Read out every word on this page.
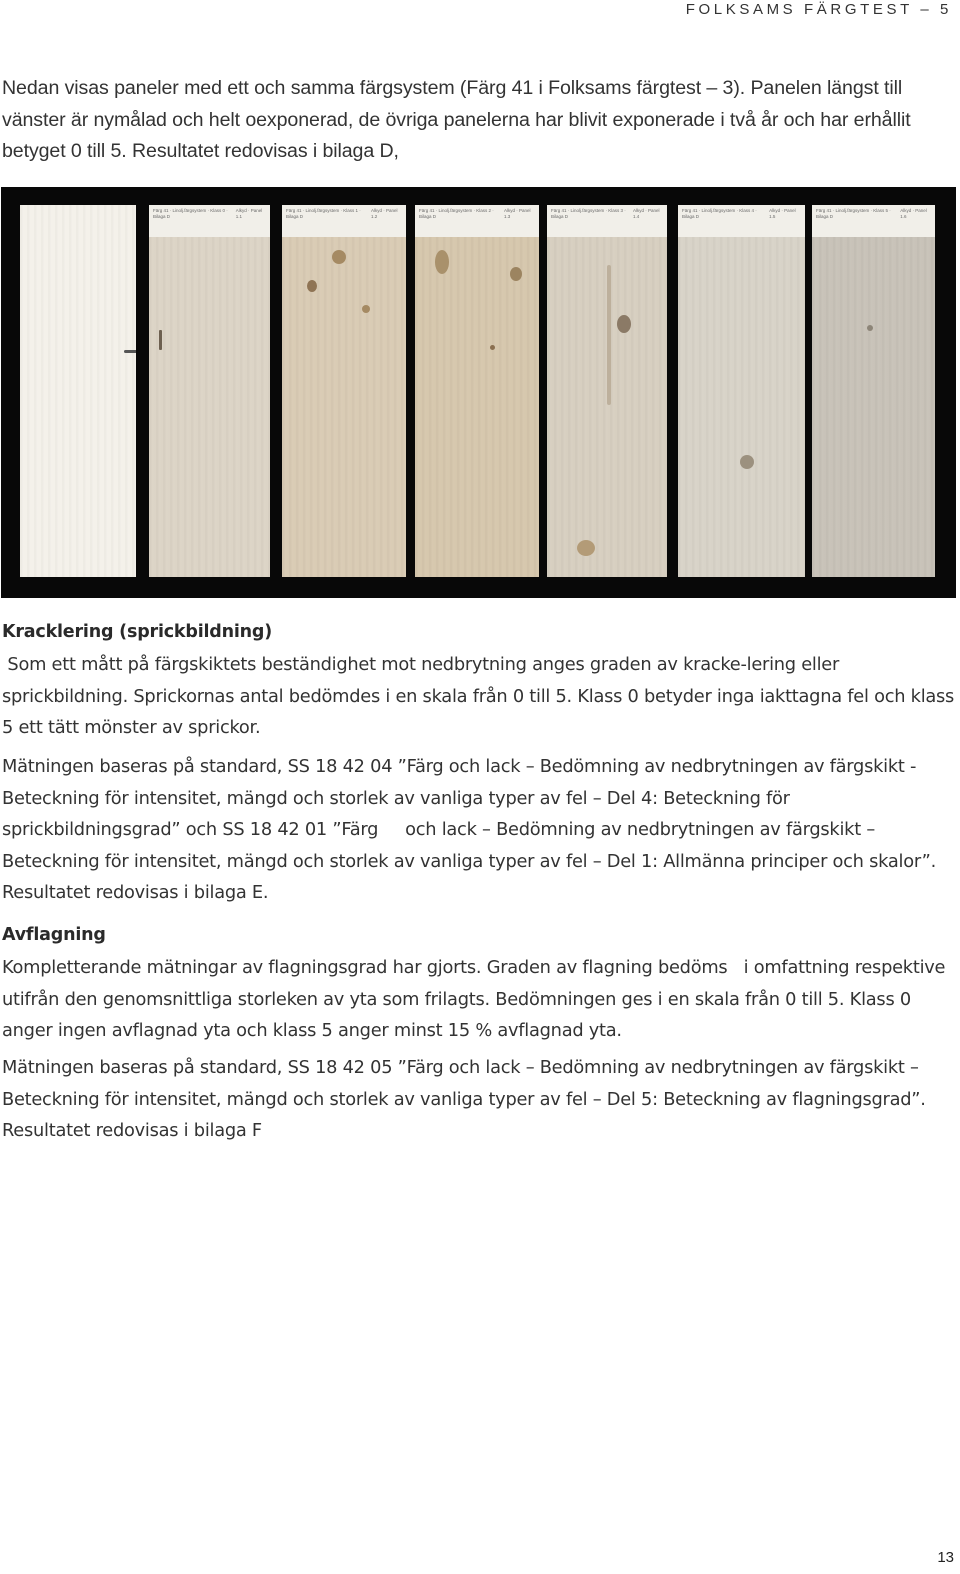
FOLKSAMS FÄRGTEST – 5

Nedan visas paneler med ett och samma färgsystem (Färg 41 i Folksams färgtest – 3). Panelen längst till vänster är nymålad och helt oexponerad, de övriga panelerna har blivit exponerade i två år och har erhållit betyget 0 till 5. Resultatet redovisas i bilaga D,

Färg 41 · Linolj.färgsystem · Klass 0 · Bilaga D
Alkyd · Panel 1.1
Färg 41 · Linolj.färgsystem · Klass 1 · Bilaga D
Alkyd · Panel 1.2
Färg 41 · Linolj.färgsystem · Klass 2 · Bilaga D
Alkyd · Panel 1.3
Färg 41 · Linolj.färgsystem · Klass 3 · Bilaga D
Alkyd · Panel 1.4
Färg 41 · Linolj.färgsystem · Klass 4 · Bilaga D
Alkyd · Panel 1.5
Färg 41 · Linolj.färgsystem · Klass 5 · Bilaga D
Alkyd · Panel 1.6
Kracklering (sprickbildning)

Som ett mått på färgskiktets beständighet mot nedbrytning anges graden av kracke-lering eller sprickbildning. Sprickornas antal bedömdes i en skala från 0 till 5. Klass 0 betyder inga iakttagna fel och klass 5 ett tätt mönster av sprickor.

Mätningen baseras på standard, SS 18 42 04 ”Färg och lack – Bedömning av nedbrytningen av färgskikt - Beteckning för intensitet, mängd och storlek av vanliga typer av fel – Del 4: Beteckning för sprickbildningsgrad” och SS 18 42 01 ”Färg     och lack – Bedömning av nedbrytningen av färgskikt – Beteckning för intensitet, mängd och storlek av vanliga typer av fel – Del 1: Allmänna principer och skalor”. Resultatet redovisas i bilaga E.

Avflagning

Kompletterande mätningar av flagningsgrad har gjorts. Graden av flagning bedöms   i omfattning respektive utifrån den genomsnittliga storleken av yta som frilagts. Bedömningen ges i en skala från 0 till 5. Klass 0 anger ingen avflagnad yta och klass 5 anger minst 15 % avflagnad yta.

Mätningen baseras på standard, SS 18 42 05 ”Färg och lack – Bedömning av nedbrytningen av färgskikt – Beteckning för intensitet, mängd och storlek av vanliga typer av fel – Del 5: Beteckning av flagningsgrad”. Resultatet redovisas i bilaga F

13
